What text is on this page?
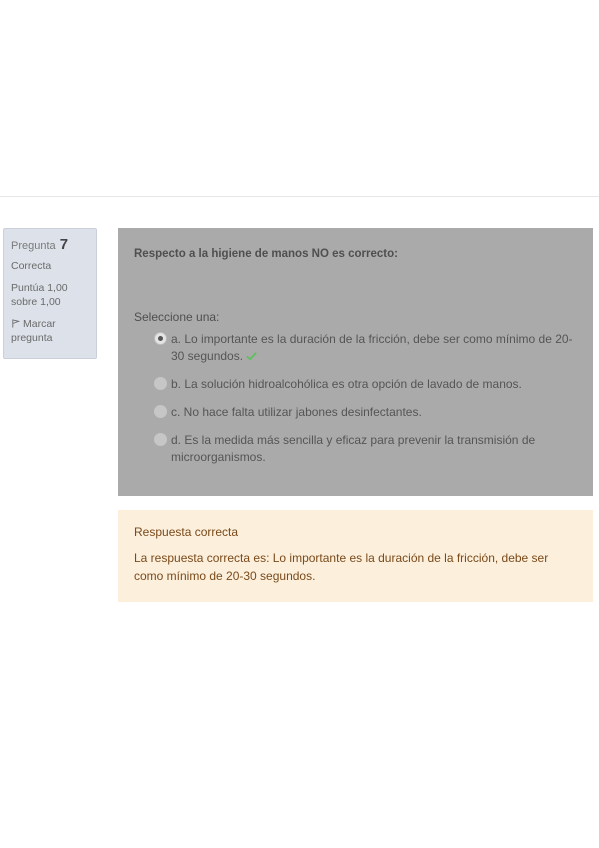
Pregunta 7
Correcta
Puntúa 1,00
sobre 1,00
Marcar
pregunta
Respecto a la higiene de manos NO es correcto:
Seleccione una:
a. Lo importante es la duración de la fricción, debe ser como mínimo de 20-30 segundos.
b. La solución hidroalcohólica es otra opción de lavado de manos.
c. No hace falta utilizar jabones desinfectantes.
d. Es la medida más sencilla y eficaz para prevenir la transmisión de microorganismos.
Respuesta correcta
La respuesta correcta es: Lo importante es la duración de la fricción, debe ser como mínimo de 20-30 segundos.
